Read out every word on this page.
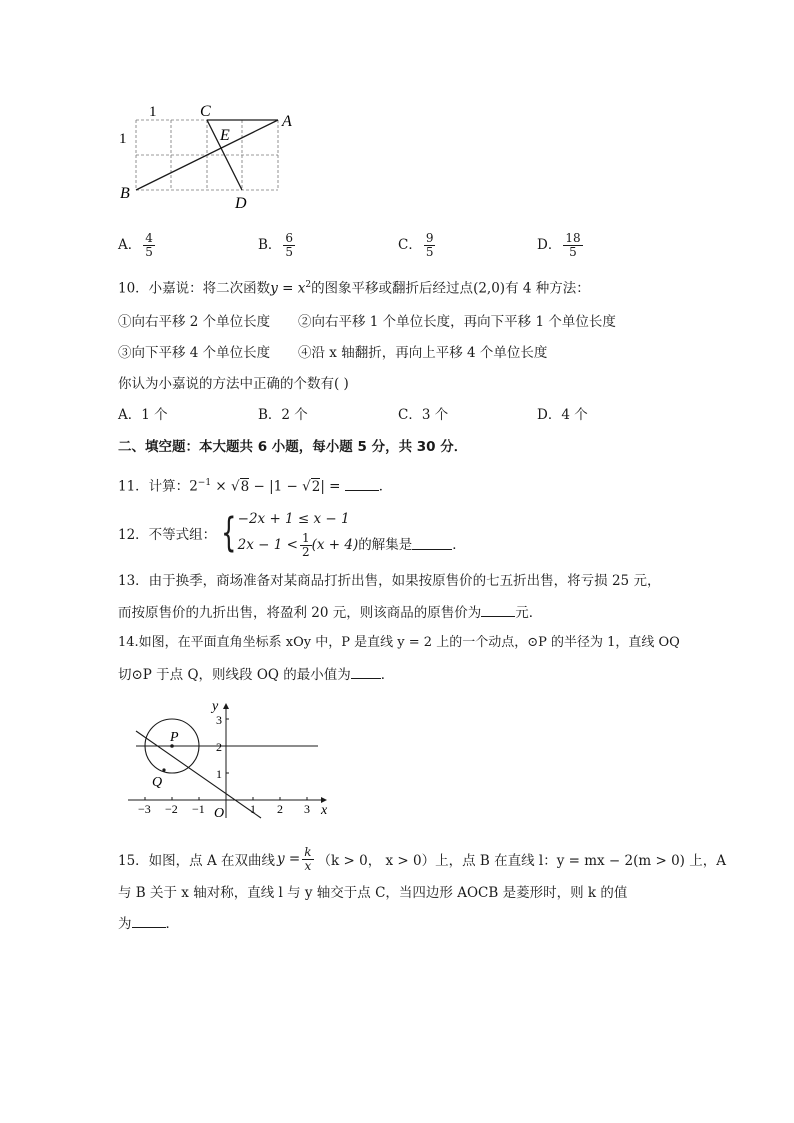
1
1
C
A
E
B
D
A． $\frac{4}{5}$	B． $\frac{6}{5}$	C． $\frac{9}{5}$	D． $\frac{18}{5}$
10．小嘉说：将二次函数$y = x^2$的图象平移或翻折后经过点(2,0)有 4 种方法：
①向右平移 2 个单位长度 ②向右平移 1 个单位长度，再向下平移 1 个单位长度
③向下平移 4 个单位长度 ④沿 x 轴翻折，再向上平移 4 个单位长度
你认为小嘉说的方法中正确的个数有( )
A．1 个	B．2 个	C．3 个	D．4 个
二、填空题：本大题共 6 小题，每小题 5 分，共 30 分．
11．计算：$2^{-1} \times √8 - |1 - √2|$ =	．
12．不等式组： { −2x + 1 ≤ x − 1
$2x - 1 < \frac{1}{2} (x + 4)$ 的解集是	．
13．由于换季，商场准备对某商品打折出售，如果按原售价的七五折出售，将亏损 25 元，
而按原售价的九折出售，将盈利 20 元，则该商品的原售价为	元．
14.如图，在平面直角坐标系 xOy 中，P 是直线 y = 2 上的一个动点，⊙P 的半径为 1，直线 OQ
切⊙P 于点 Q，则线段 OQ 的最小值为 ．
y
x
O
P
Q
3
2
1
−3 −2 −1	1 2 3
15．如图，点 A 在双曲线 $y = \frac{k}{x} (k > 0$， x > 0）上，点 B 在直线 l：y = mx − 2(m > 0) 上，A
与 B 关于 x 轴对称，直线 l 与 y 轴交于点 C，当四边形 AOCB 是菱形时，则 k 的值
为	．
